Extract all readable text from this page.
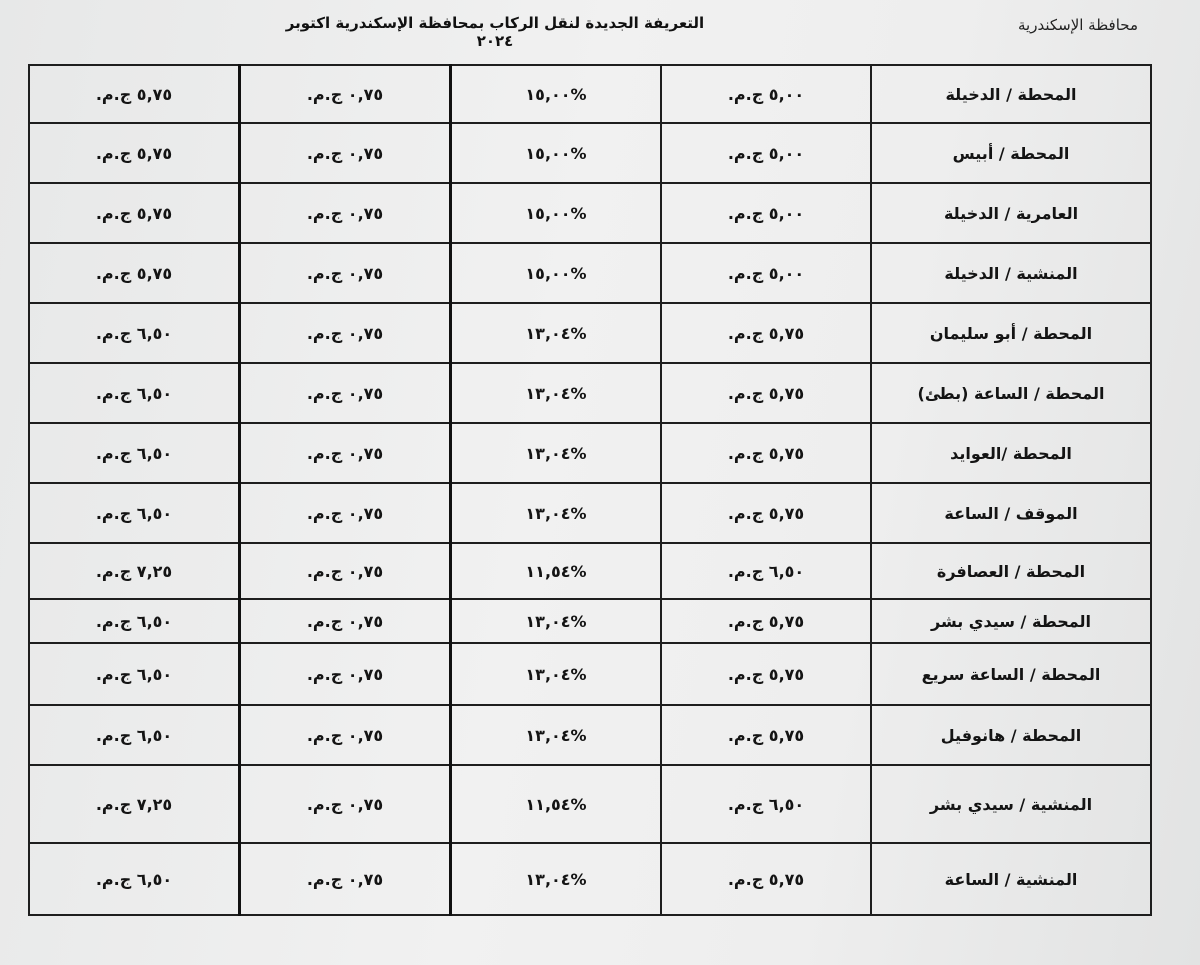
محافظة الإسكندرية
التعريفة الجديدة لنقل الركاب بمحافظة الإسكندرية اكتوبر ٢٠٢٤
المحطة / الدخيلة	٥,٠٠ ج.م.	%١٥,٠٠	٠,٧٥ ج.م.	٥,٧٥ ج.م.
المحطة / أبيس	٥,٠٠ ج.م.	%١٥,٠٠	٠,٧٥ ج.م.	٥,٧٥ ج.م.
العامرية / الدخيلة	٥,٠٠ ج.م.	%١٥,٠٠	٠,٧٥ ج.م.	٥,٧٥ ج.م.
المنشية / الدخيلة	٥,٠٠ ج.م.	%١٥,٠٠	٠,٧٥ ج.م.	٥,٧٥ ج.م.
المحطة / أبو سليمان	٥,٧٥ ج.م.	%١٣,٠٤	٠,٧٥ ج.م.	٦,٥٠ ج.م.
المحطة / الساعة (بطئ)	٥,٧٥ ج.م.	%١٣,٠٤	٠,٧٥ ج.م.	٦,٥٠ ج.م.
المحطة /العوايد	٥,٧٥ ج.م.	%١٣,٠٤	٠,٧٥ ج.م.	٦,٥٠ ج.م.
الموقف / الساعة	٥,٧٥ ج.م.	%١٣,٠٤	٠,٧٥ ج.م.	٦,٥٠ ج.م.
المحطة / العصافرة	٦,٥٠ ج.م.	%١١,٥٤	٠,٧٥ ج.م.	٧,٢٥ ج.م.
المحطة / سيدي بشر	٥,٧٥ ج.م.	%١٣,٠٤	٠,٧٥ ج.م.	٦,٥٠ ج.م.
المحطة / الساعة سريع	٥,٧٥ ج.م.	%١٣,٠٤	٠,٧٥ ج.م.	٦,٥٠ ج.م.
المحطة / هانوفيل	٥,٧٥ ج.م.	%١٣,٠٤	٠,٧٥ ج.م.	٦,٥٠ ج.م.
المنشية / سيدي بشر	٦,٥٠ ج.م.	%١١,٥٤	٠,٧٥ ج.م.	٧,٢٥ ج.م.
المنشية / الساعة	٥,٧٥ ج.م.	%١٣,٠٤	٠,٧٥ ج.م.	٦,٥٠ ج.م.
